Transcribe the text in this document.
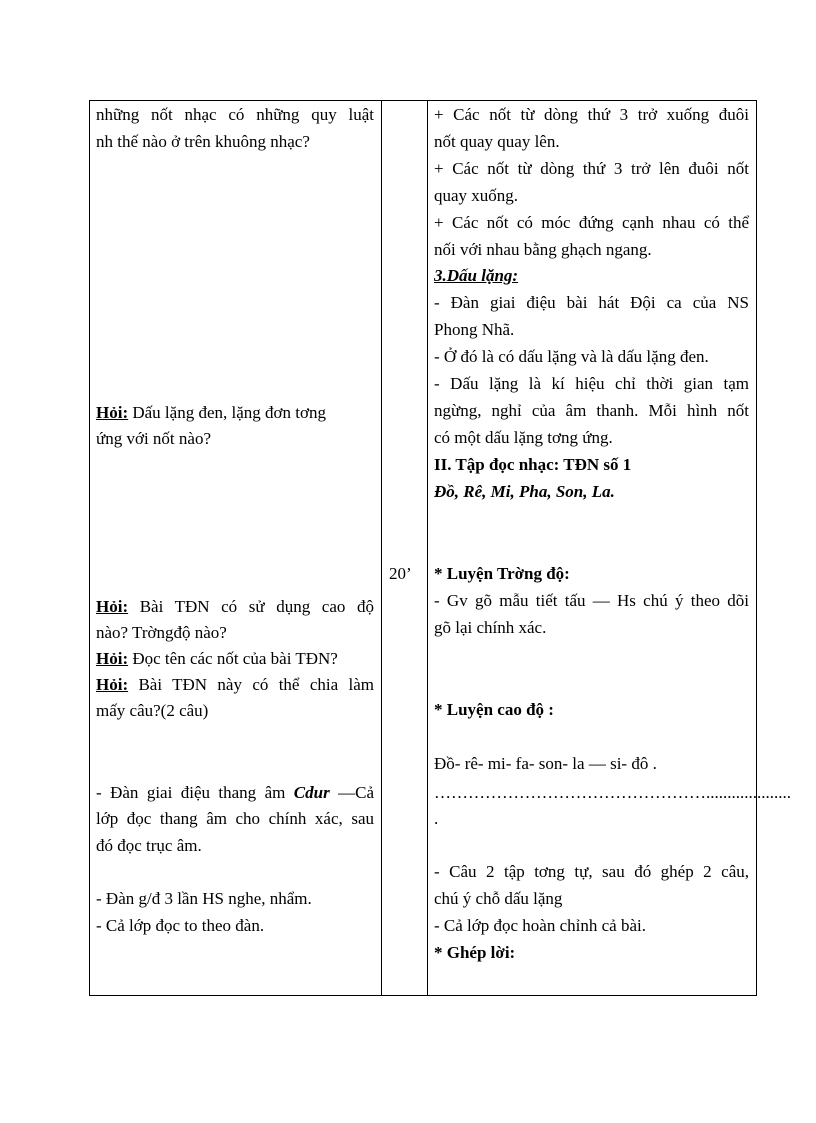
những nốt nhạc có những quy luật
nh thế nào ở trên khuông nhạc?
Hỏi: Dấu lặng đen, lặng đơn tơng
ứng với nốt nào?
Hỏi: Bài TĐN có sử dụng cao độ
nào? Trờngđộ nào?
Hỏi: Đọc tên các nốt của bài TĐN?
Hỏi: Bài TĐN này có thể chia làm
mấy câu?(2 câu)
- Đàn giai điệu thang âm Cdur —Cả
lớp đọc thang âm cho chính xác, sau
đó đọc trục âm.
- Đàn g/đ 3 lần HS nghe, nhẩm.
- Cả lớp đọc to theo đàn.
20’
+ Các nốt từ dòng thứ 3 trở xuống đuôi
nốt quay quay lên.
+ Các nốt từ dòng thứ 3 trở lên đuôi nốt
quay xuống.
+ Các nốt có móc đứng cạnh nhau có thể
nối với nhau bằng ghạch ngang.
3.Dấu lặng:
- Đàn giai điệu bài hát Đội ca của NS
Phong Nhã.
- Ở đó là có dấu lặng và là dấu lặng đen.
- Dấu lặng là kí hiệu chỉ thời gian tạm
ngừng, nghỉ của âm thanh. Mỗi hình nốt
có một dấu lặng tơng ứng.
II. Tập đọc nhạc: TĐN số 1
Đồ, Rê, Mi, Pha, Son, La.
* Luyện Trờng độ:
- Gv gõ mẫu tiết tấu — Hs chú ý theo dõi
gõ lại chính xác.
* Luyện cao độ :
Đồ- rê- mi- fa- son- la — si- đô .
…………………………………………....................
.
- Câu 2 tập tơng tự, sau đó ghép 2 câu,
chú ý chỗ dấu lặng
- Cả lớp đọc hoàn chỉnh cả bài.
* Ghép lời:
